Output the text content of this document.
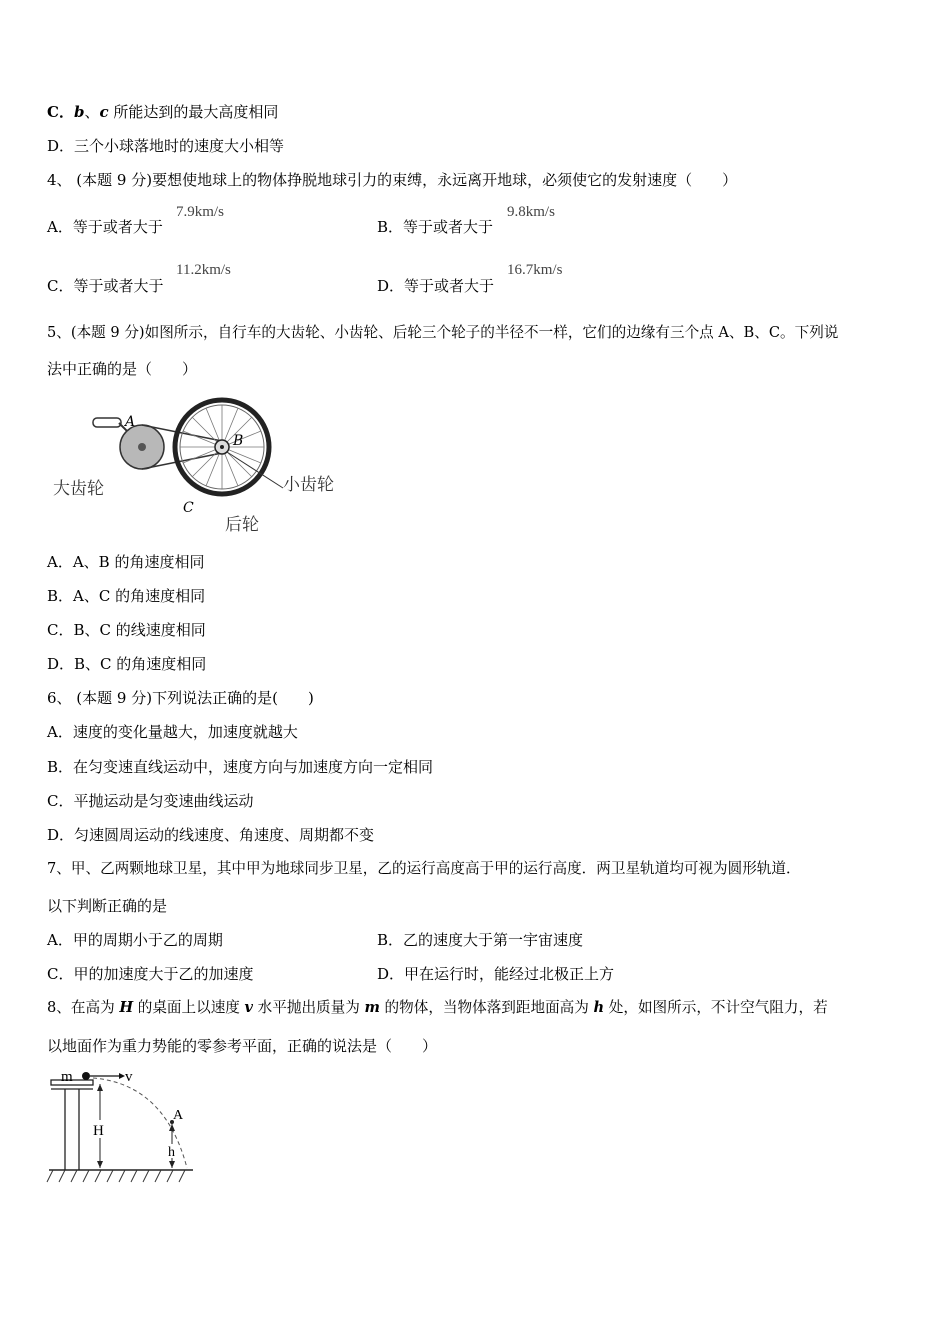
C．b、c 所能达到的最大高度相同
D．三个小球落地时的速度大小相等
4、 (本题 9 分)要想使地球上的物体挣脱地球引力的束缚，永远离开地球，必须使它的发射速度（　　）
A．等于或者大于
7.9km/s
B．等于或者大于
9.8km/s
C．等于或者大于
11.2km/s
D．等于或者大于
16.7km/s
5、(本题 9 分)如图所示，自行车的大齿轮、小齿轮、后轮三个轮子的半径不一样，它们的边缘有三个点 A、B、C。下列说
法中正确的是（　　）
A
B
C
大齿轮	小齿轮
后轮
A．A、B 的角速度相同
B．A、C 的角速度相同
C．B、C 的线速度相同
D．B、C 的角速度相同
6、 (本题 9 分)下列说法正确的是(　　)
A．速度的变化量越大，加速度就越大
B．在匀变速直线运动中，速度方向与加速度方向一定相同
C．平抛运动是匀变速曲线运动
D．匀速圆周运动的线速度、角速度、周期都不变
7、甲、乙两颗地球卫星，其中甲为地球同步卫星，乙的运行高度高于甲的运行高度．两卫星轨道均可视为圆形轨道．
以下判断正确的是
A．甲的周期小于乙的周期	B．乙的速度大于第一宇宙速度
C．甲的加速度大于乙的加速度	D．甲在运行时，能经过北极正上方
8、在高为 H 的桌面上以速度 v 水平抛出质量为 m 的物体，当物体落到距地面高为 h 处，如图所示，不计空气阻力，若
以地面作为重力势能的零参考平面，正确的说法是（　　）
m	v
H
A
h
